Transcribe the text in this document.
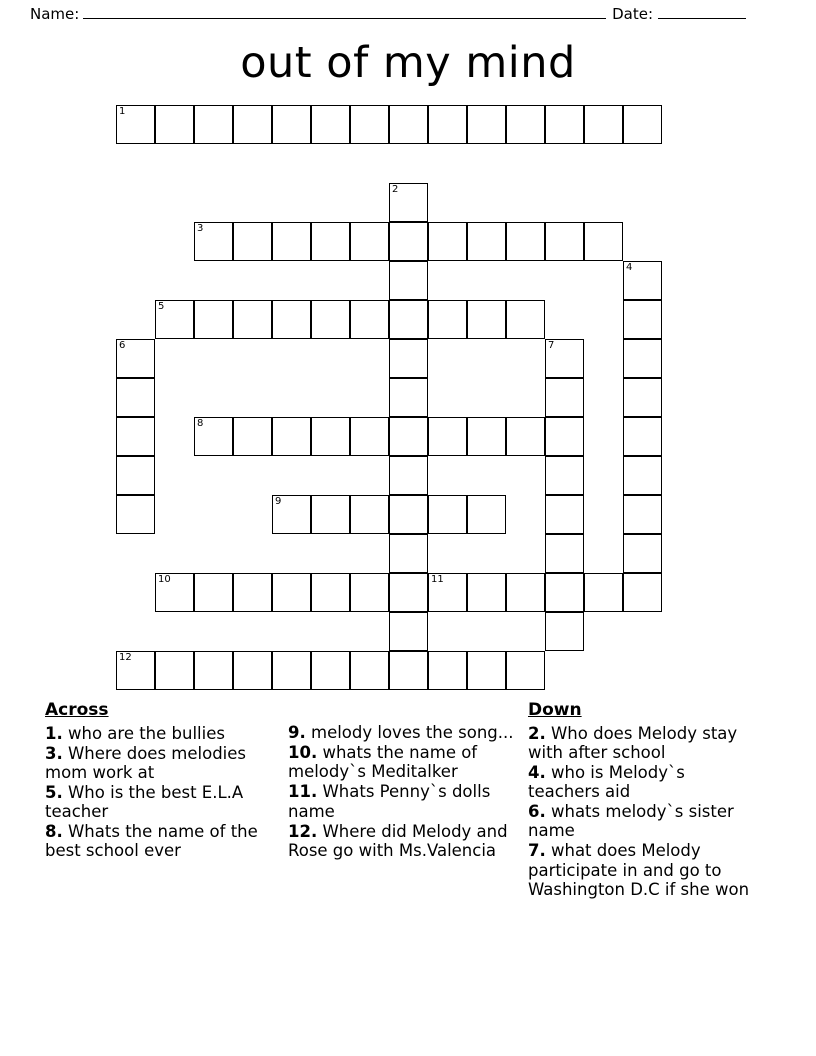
Name:	Date:
out of my mind
1
2
3
4
5
6	7
8
9
10	11
12
Across
1. who are the bullies
3. Where does melodies mom work at
5. Who is the best E.L.A teacher
8. Whats the name of the best school ever
9. melody loves the song...
10. whats the name of melody`s Meditalker
11. Whats Penny`s dolls name
12. Where did Melody and Rose go with Ms.Valencia
Down
2. Who does Melody stay with after school
4. who is Melody`s teachers aid
6. whats melody`s sister name
7. what does Melody participate in and go to Washington D.C if she won
